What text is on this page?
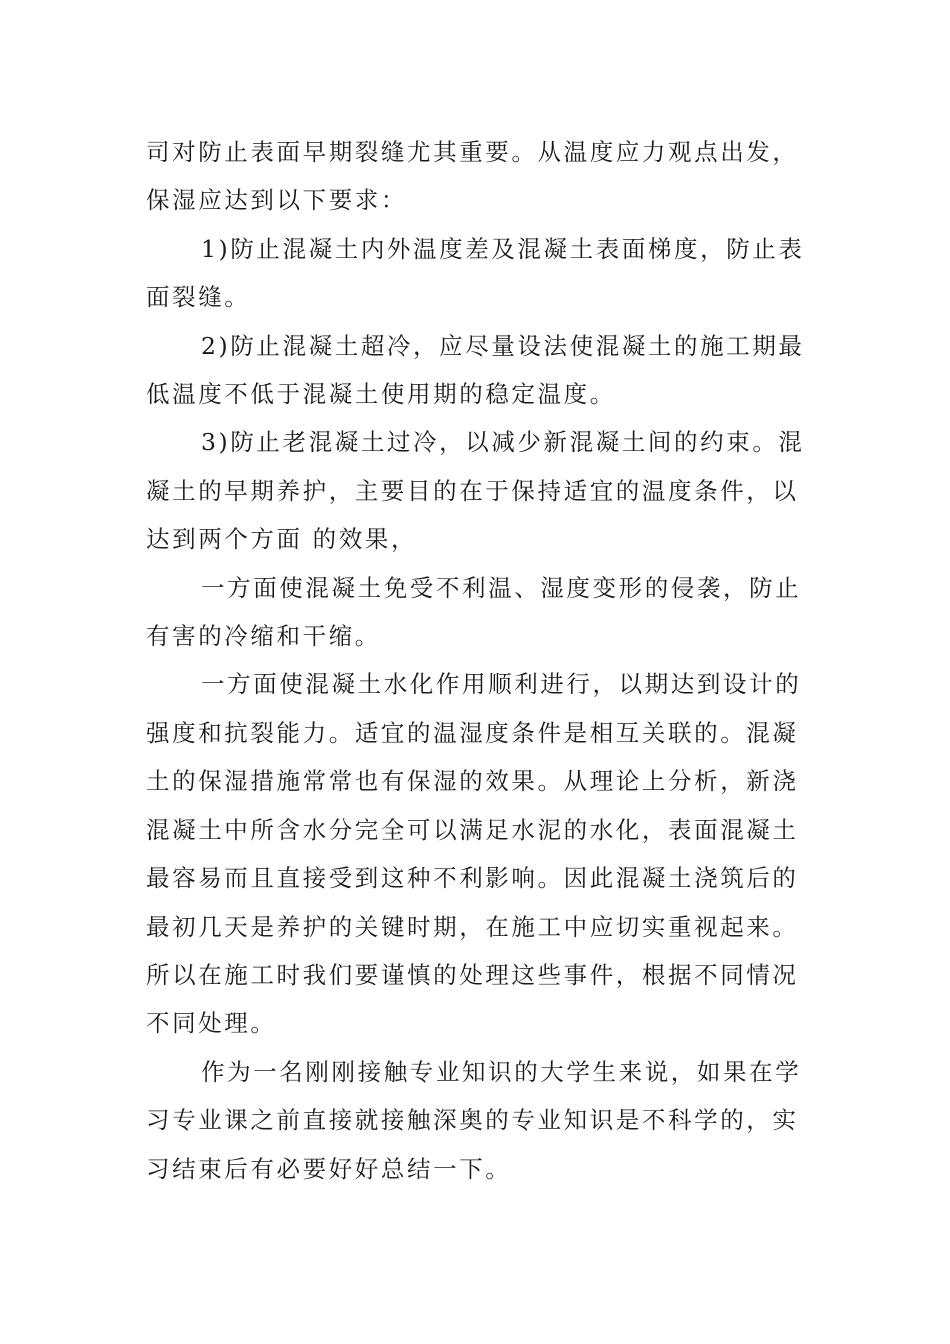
司对防止表面早期裂缝尤其重要。从温度应力观点出发，
保湿应达到以下要求：

1)防止混凝土内外温度差及混凝土表面梯度，防止表
面裂缝。

2)防止混凝土超冷，应尽量设法使混凝土的施工期最
低温度不低于混凝土使用期的稳定温度。

3)防止老混凝土过冷，以减少新混凝土间的约束。混
凝土的早期养护，主要目的在于保持适宜的温度条件，以
达到两个方面 的效果，

一方面使混凝土免受不利温、湿度变形的侵袭，防止
有害的冷缩和干缩。

一方面使混凝土水化作用顺利进行，以期达到设计的
强度和抗裂能力。适宜的温湿度条件是相互关联的。混凝
土的保湿措施常常也有保湿的效果。从理论上分析，新浇
混凝土中所含水分完全可以满足水泥的水化，表面混凝土
最容易而且直接受到这种不利影响。因此混凝土浇筑后的
最初几天是养护的关键时期，在施工中应切实重视起来。
所以在施工时我们要谨慎的处理这些事件，根据不同情况
不同处理。

作为一名刚刚接触专业知识的大学生来说，如果在学
习专业课之前直接就接触深奥的专业知识是不科学的，实
习结束后有必要好好总结一下。
